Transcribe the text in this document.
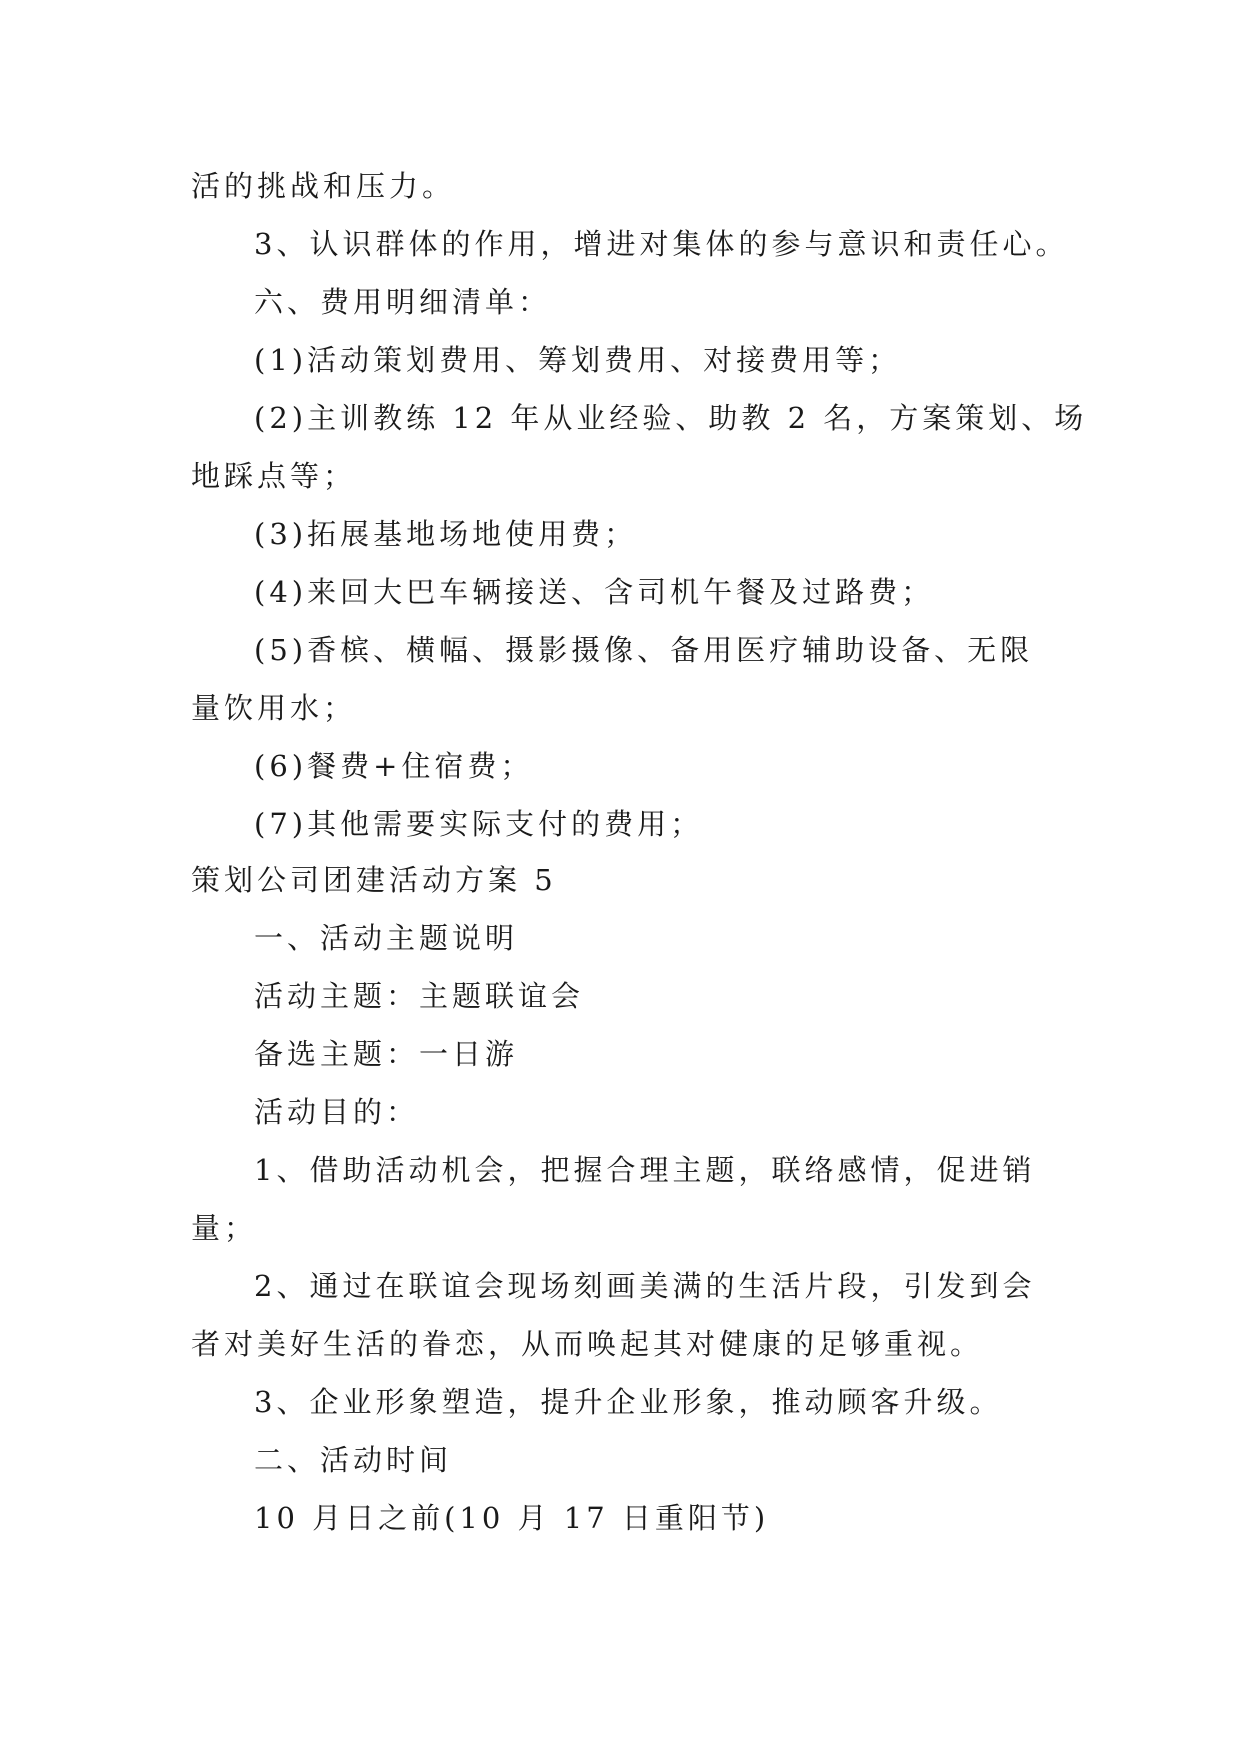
活的挑战和压力。
3、认识群体的作用，增进对集体的参与意识和责任心。
六、费用明细清单：
(1)活动策划费用、筹划费用、对接费用等；
(2)主训教练 12 年从业经验、助教 2 名，方案策划、场
地踩点等；
(3)拓展基地场地使用费；
(4)来回大巴车辆接送、含司机午餐及过路费；
(5)香槟、横幅、摄影摄像、备用医疗辅助设备、无限
量饮用水；
(6)餐费+住宿费；
(7)其他需要实际支付的费用；
策划公司团建活动方案 5
一、活动主题说明
活动主题：主题联谊会
备选主题：一日游
活动目的：
1、借助活动机会，把握合理主题，联络感情，促进销
量；
2、通过在联谊会现场刻画美满的生活片段，引发到会
者对美好生活的眷恋，从而唤起其对健康的足够重视。
3、企业形象塑造，提升企业形象，推动顾客升级。
二、活动时间
10 月日之前(10 月 17 日重阳节)
